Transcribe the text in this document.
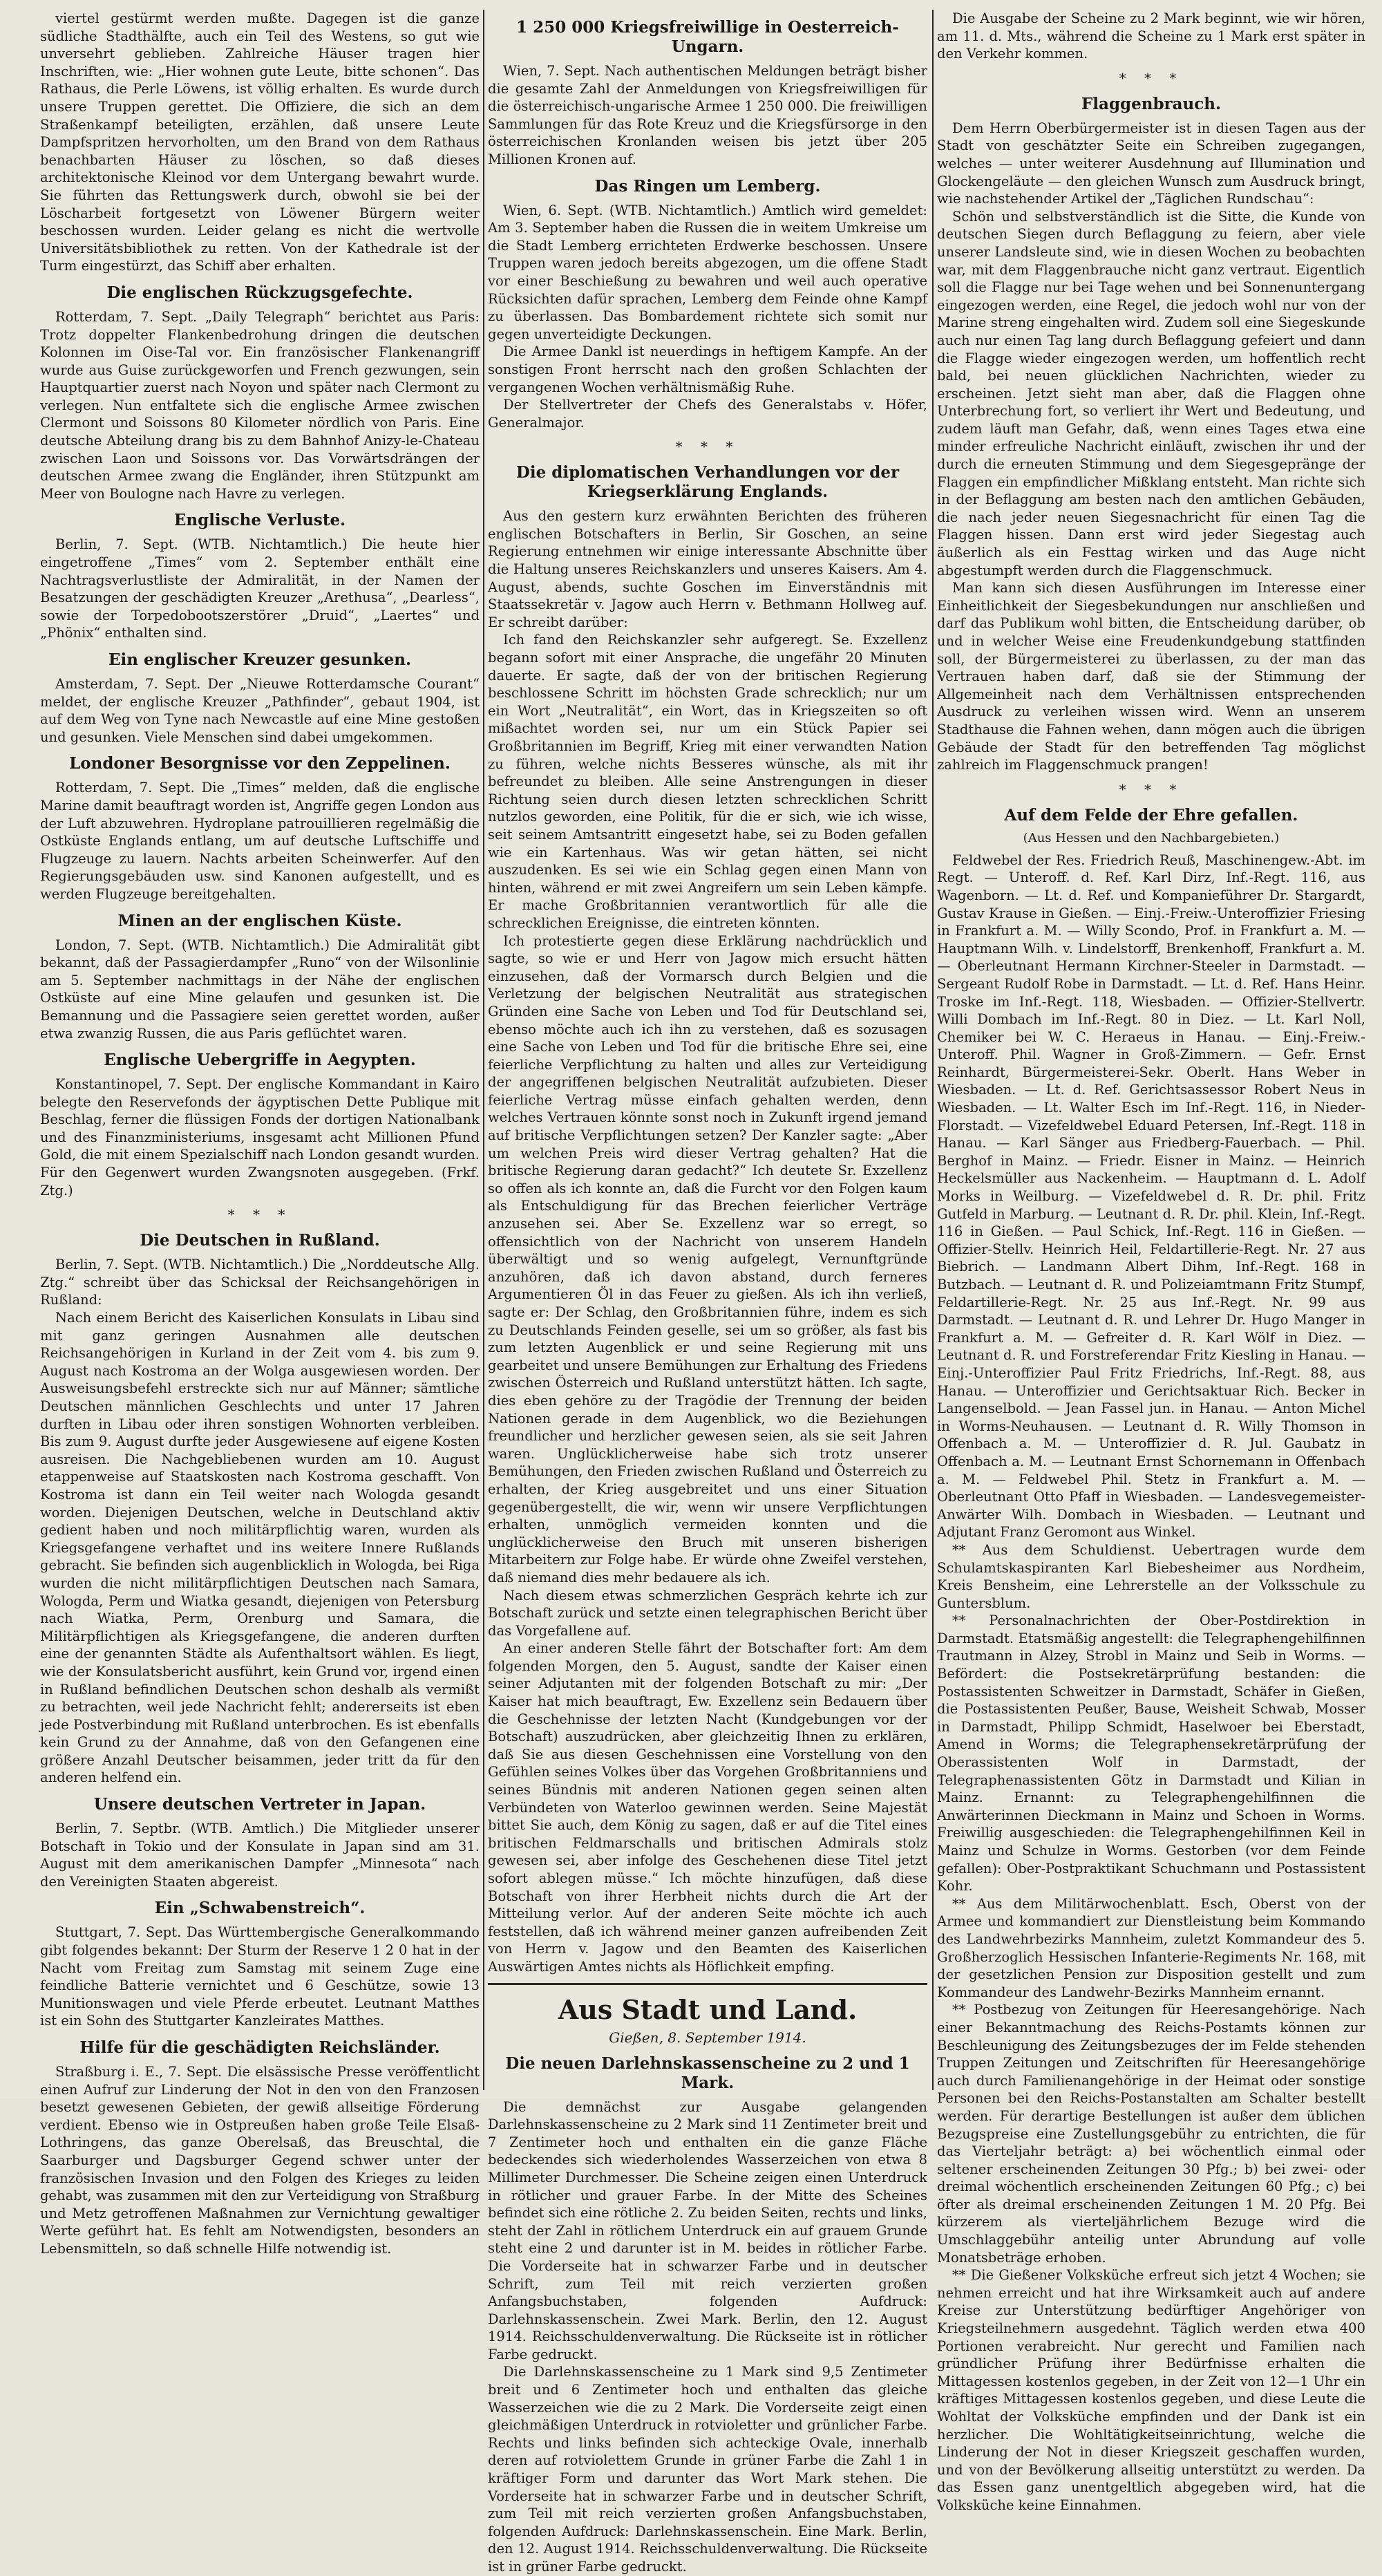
viertel gestürmt werden mußte. Dagegen ist die ganze südliche Stadthälfte, auch ein Teil des Westens, so gut wie unversehrt geblieben. Zahlreiche Häuser tragen hier Inschriften, wie: „Hier wohnen gute Leute, bitte schonen“. Das Rathaus, die Perle Löwens, ist völlig erhalten. Es wurde durch unsere Truppen gerettet. Die Offiziere, die sich an dem Straßenkampf beteiligten, erzählen, daß unsere Leute Dampfspritzen hervorholten, um den Brand von dem Rathaus benachbarten Häuser zu löschen, so daß dieses architektonische Kleinod vor dem Untergang bewahrt wurde. Sie führten das Rettungswerk durch, obwohl sie bei der Löscharbeit fortgesetzt von Löwener Bürgern weiter beschossen wurden. Leider gelang es nicht die wertvolle Universitätsbibliothek zu retten. Von der Kathedrale ist der Turm eingestürzt, das Schiff aber erhalten.

Die englischen Rückzugsgefechte.

Rotterdam, 7. Sept. „Daily Telegraph“ berichtet aus Paris: Trotz doppelter Flankenbedrohung dringen die deutschen Kolonnen im Oise-Tal vor. Ein französischer Flankenangriff wurde aus Guise zurückgeworfen und French gezwungen, sein Hauptquartier zuerst nach Noyon und später nach Clermont zu verlegen. Nun entfaltete sich die englische Armee zwischen Clermont und Soissons 80 Kilometer nördlich von Paris. Eine deutsche Abteilung drang bis zu dem Bahnhof Anizy-le-Chateau zwischen Laon und Soissons vor. Das Vorwärtsdrängen der deutschen Armee zwang die Engländer, ihren Stützpunkt am Meer von Boulogne nach Havre zu verlegen.

Englische Verluste.

Berlin, 7. Sept. (WTB. Nichtamtlich.) Die heute hier eingetroffene „Times“ vom 2. September enthält eine Nachtragsverlustliste der Admiralität, in der Namen der Besatzungen der geschädigten Kreuzer „Arethusa“, „Dearless“, sowie der Torpedobootszerstörer „Druid“, „Laertes“ und „Phönix“ enthalten sind.

Ein englischer Kreuzer gesunken.

Amsterdam, 7. Sept. Der „Nieuwe Rotterdamsche Courant“ meldet, der englische Kreuzer „Pathfinder“, gebaut 1904, ist auf dem Weg von Tyne nach Newcastle auf eine Mine gestoßen und gesunken. Viele Menschen sind dabei umgekommen.

Londoner Besorgnisse vor den Zeppelinen.

Rotterdam, 7. Sept. Die „Times“ melden, daß die englische Marine damit beauftragt worden ist, Angriffe gegen London aus der Luft abzuwehren. Hydroplane patrouillieren regelmäßig die Ostküste Englands entlang, um auf deutsche Luftschiffe und Flugzeuge zu lauern. Nachts arbeiten Scheinwerfer. Auf den Regierungsgebäuden usw. sind Kanonen aufgestellt, und es werden Flugzeuge bereitgehalten.

Minen an der englischen Küste.

London, 7. Sept. (WTB. Nichtamtlich.) Die Admiralität gibt bekannt, daß der Passagierdampfer „Runo“ von der Wilsonlinie am 5. September nachmittags in der Nähe der englischen Ostküste auf eine Mine gelaufen und gesunken ist. Die Bemannung und die Passagiere seien gerettet worden, außer etwa zwanzig Russen, die aus Paris geflüchtet waren.

Englische Uebergriffe in Aegypten.

Konstantinopel, 7. Sept. Der englische Kommandant in Kairo belegte den Reservefonds der ägyptischen Dette Publique mit Beschlag, ferner die flüssigen Fonds der dortigen Nationalbank und des Finanzministeriums, insgesamt acht Millionen Pfund Gold, die mit einem Spezialschiff nach London gesandt wurden. Für den Gegenwert wurden Zwangsnoten ausgegeben. (Frkf. Ztg.)

* * *
Die Deutschen in Rußland.

Berlin, 7. Sept. (WTB. Nichtamtlich.) Die „Norddeutsche Allg. Ztg.“ schreibt über das Schicksal der Reichsangehörigen in Rußland:

Nach einem Bericht des Kaiserlichen Konsulats in Libau sind mit ganz geringen Ausnahmen alle deutschen Reichsangehörigen in Kurland in der Zeit vom 4. bis zum 9. August nach Kostroma an der Wolga ausgewiesen worden. Der Ausweisungsbefehl erstreckte sich nur auf Männer; sämtliche Deutschen männlichen Geschlechts und unter 17 Jahren durften in Libau oder ihren sonstigen Wohnorten verbleiben. Bis zum 9. August durfte jeder Ausgewiesene auf eigene Kosten ausreisen. Die Nachgebliebenen wurden am 10. August etappenweise auf Staatskosten nach Kostroma geschafft. Von Kostroma ist dann ein Teil weiter nach Wologda gesandt worden. Diejenigen Deutschen, welche in Deutschland aktiv gedient haben und noch militärpflichtig waren, wurden als Kriegsgefangene verhaftet und ins weitere Innere Rußlands gebracht. Sie befinden sich augenblicklich in Wologda, bei Riga wurden die nicht militärpflichtigen Deutschen nach Samara, Wologda, Perm und Wiatka gesandt, diejenigen von Petersburg nach Wiatka, Perm, Orenburg und Samara, die Militärpflichtigen als Kriegsgefangene, die anderen durften eine der genannten Städte als Aufenthaltsort wählen. Es liegt, wie der Konsulatsbericht ausführt, kein Grund vor, irgend einen in Rußland befindlichen Deutschen schon deshalb als vermißt zu betrachten, weil jede Nachricht fehlt; andererseits ist eben jede Postverbindung mit Rußland unterbrochen. Es ist ebenfalls kein Grund zu der Annahme, daß von den Gefangenen eine größere Anzahl Deutscher beisammen, jeder tritt da für den anderen helfend ein.

Unsere deutschen Vertreter in Japan.

Berlin, 7. Septbr. (WTB. Amtlich.) Die Mitglieder unserer Botschaft in Tokio und der Konsulate in Japan sind am 31. August mit dem amerikanischen Dampfer „Minnesota“ nach den Vereinigten Staaten abgereist.

Ein „Schwabenstreich“.

Stuttgart, 7. Sept. Das Württembergische Generalkommando gibt folgendes bekannt: Der Sturm der Reserve 1 2 0 hat in der Nacht vom Freitag zum Samstag mit seinem Zuge eine feindliche Batterie vernichtet und 6 Geschütze, sowie 13 Munitionswagen und viele Pferde erbeutet. Leutnant Matthes ist ein Sohn des Stuttgarter Kanzleirates Matthes.

Hilfe für die geschädigten Reichsländer.

Straßburg i. E., 7. Sept. Die elsässische Presse veröffentlicht einen Aufruf zur Linderung der Not in den von den Franzosen besetzt gewesenen Gebieten, der gewiß allseitige Förderung verdient. Ebenso wie in Ostpreußen haben große Teile Elsaß-Lothringens, das ganze Oberelsaß, das Breuschtal, die Saarburger und Dagsburger Gegend schwer unter der französischen Invasion und den Folgen des Krieges zu leiden gehabt, was zusammen mit den zur Verteidigung von Straßburg und Metz getroffenen Maßnahmen zur Vernichtung gewaltiger Werte geführt hat. Es fehlt am Notwendigsten, besonders an Lebensmitteln, so daß schnelle Hilfe notwendig ist.

1 250 000 Kriegsfreiwillige in Oesterreich-Ungarn.

Wien, 7. Sept. Nach authentischen Meldungen beträgt bisher die gesamte Zahl der Anmeldungen von Kriegsfreiwilligen für die österreichisch-ungarische Armee 1 250 000. Die freiwilligen Sammlungen für das Rote Kreuz und die Kriegsfürsorge in den österreichischen Kronlanden weisen bis jetzt über 205 Millionen Kronen auf.

Das Ringen um Lemberg.

Wien, 6. Sept. (WTB. Nichtamtlich.) Amtlich wird gemeldet: Am 3. September haben die Russen die in weitem Umkreise um die Stadt Lemberg errichteten Erdwerke beschossen. Unsere Truppen waren jedoch bereits abgezogen, um die offene Stadt vor einer Beschießung zu bewahren und weil auch operative Rücksichten dafür sprachen, Lemberg dem Feinde ohne Kampf zu überlassen. Das Bombardement richtete sich somit nur gegen unverteidigte Deckungen.

Die Armee Dankl ist neuerdings in heftigem Kampfe. An der sonstigen Front herrscht nach den großen Schlachten der vergangenen Wochen verhältnismäßig Ruhe.

Der Stellvertreter der Chefs des Generalstabs v. Höfer, Generalmajor.

* * *
Die diplomatischen Verhandlungen vor der Kriegserklärung Englands.

Aus den gestern kurz erwähnten Berichten des früheren englischen Botschafters in Berlin, Sir Goschen, an seine Regierung entnehmen wir einige interessante Abschnitte über die Haltung unseres Reichskanzlers und unseres Kaisers. Am 4. August, abends, suchte Goschen im Einverständnis mit Staatssekretär v. Jagow auch Herrn v. Bethmann Hollweg auf. Er schreibt darüber:

Ich fand den Reichskanzler sehr aufgeregt. Se. Exzellenz begann sofort mit einer Ansprache, die ungefähr 20 Minuten dauerte. Er sagte, daß der von der britischen Regierung beschlossene Schritt im höchsten Grade schrecklich; nur um ein Wort „Neutralität“, ein Wort, das in Kriegszeiten so oft mißachtet worden sei, nur um ein Stück Papier sei Großbritannien im Begriff, Krieg mit einer verwandten Nation zu führen, welche nichts Besseres wünsche, als mit ihr befreundet zu bleiben. Alle seine Anstrengungen in dieser Richtung seien durch diesen letzten schrecklichen Schritt nutzlos geworden, eine Politik, für die er sich, wie ich wisse, seit seinem Amtsantritt eingesetzt habe, sei zu Boden gefallen wie ein Kartenhaus. Was wir getan hätten, sei nicht auszudenken. Es sei wie ein Schlag gegen einen Mann von hinten, während er mit zwei Angreifern um sein Leben kämpfe. Er mache Großbritannien verantwortlich für alle die schrecklichen Ereignisse, die eintreten könnten.

Ich protestierte gegen diese Erklärung nachdrücklich und sagte, so wie er und Herr von Jagow mich ersucht hätten einzusehen, daß der Vormarsch durch Belgien und die Verletzung der belgischen Neutralität aus strategischen Gründen eine Sache von Leben und Tod für Deutschland sei, ebenso möchte auch ich ihn zu verstehen, daß es sozusagen eine Sache von Leben und Tod für die britische Ehre sei, eine feierliche Verpflichtung zu halten und alles zur Verteidigung der angegriffenen belgischen Neutralität aufzubieten. Dieser feierliche Vertrag müsse einfach gehalten werden, denn welches Vertrauen könnte sonst noch in Zukunft irgend jemand auf britische Verpflichtungen setzen? Der Kanzler sagte: „Aber um welchen Preis wird dieser Vertrag gehalten? Hat die britische Regierung daran gedacht?“ Ich deutete Sr. Exzellenz so offen als ich konnte an, daß die Furcht vor den Folgen kaum als Entschuldigung für das Brechen feierlicher Verträge anzusehen sei. Aber Se. Exzellenz war so erregt, so offensichtlich von der Nachricht von unserem Handeln überwältigt und so wenig aufgelegt, Vernunftgründe anzuhören, daß ich davon abstand, durch ferneres Argumentieren Öl in das Feuer zu gießen. Als ich ihn verließ, sagte er: Der Schlag, den Großbritannien führe, indem es sich zu Deutschlands Feinden geselle, sei um so größer, als fast bis zum letzten Augenblick er und seine Regierung mit uns gearbeitet und unsere Bemühungen zur Erhaltung des Friedens zwischen Österreich und Rußland unterstützt hätten. Ich sagte, dies eben gehöre zu der Tragödie der Trennung der beiden Nationen gerade in dem Augenblick, wo die Beziehungen freundlicher und herzlicher gewesen seien, als sie seit Jahren waren. Unglücklicherweise habe sich trotz unserer Bemühungen, den Frieden zwischen Rußland und Österreich zu erhalten, der Krieg ausgebreitet und uns einer Situation gegenübergestellt, die wir, wenn wir unsere Verpflichtungen erhalten, unmöglich vermeiden konnten und die unglücklicherweise den Bruch mit unseren bisherigen Mitarbeitern zur Folge habe. Er würde ohne Zweifel verstehen, daß niemand dies mehr bedauere als ich.

Nach diesem etwas schmerzlichen Gespräch kehrte ich zur Botschaft zurück und setzte einen telegraphischen Bericht über das Vorgefallene auf.

An einer anderen Stelle fährt der Botschafter fort: Am dem folgenden Morgen, den 5. August, sandte der Kaiser einen seiner Adjutanten mit der folgenden Botschaft zu mir: „Der Kaiser hat mich beauftragt, Ew. Exzellenz sein Bedauern über die Geschehnisse der letzten Nacht (Kundgebungen vor der Botschaft) auszudrücken, aber gleichzeitig Ihnen zu erklären, daß Sie aus diesen Geschehnissen eine Vorstellung von den Gefühlen seines Volkes über das Vorgehen Großbritanniens und seines Bündnis mit anderen Nationen gegen seinen alten Verbündeten von Waterloo gewinnen werden. Seine Majestät bittet Sie auch, dem König zu sagen, daß er auf die Titel eines britischen Feldmarschalls und britischen Admirals stolz gewesen sei, aber infolge des Geschehenen diese Titel jetzt sofort ablegen müsse.“ Ich möchte hinzufügen, daß diese Botschaft von ihrer Herbheit nichts durch die Art der Mitteilung verlor. Auf der anderen Seite möchte ich auch feststellen, daß ich während meiner ganzen aufreibenden Zeit von Herrn v. Jagow und den Beamten des Kaiserlichen Auswärtigen Amtes nichts als Höflichkeit empfing.

Aus Stadt und Land.
Gießen, 8. September 1914.
Die neuen Darlehnskassenscheine zu 2 und 1 Mark.

Die demnächst zur Ausgabe gelangenden Darlehnskassenscheine zu 2 Mark sind 11 Zentimeter breit und 7 Zentimeter hoch und enthalten ein die ganze Fläche bedeckendes sich wiederholendes Wasserzeichen von etwa 8 Millimeter Durchmesser. Die Scheine zeigen einen Unterdruck in rötlicher und grauer Farbe. In der Mitte des Scheines befindet sich eine rötliche 2. Zu beiden Seiten, rechts und links, steht der Zahl in rötlichem Unterdruck ein auf grauem Grunde steht eine 2 und darunter ist in M. beides in rötlicher Farbe. Die Vorderseite hat in schwarzer Farbe und in deutscher Schrift, zum Teil mit reich verzierten großen Anfangsbuchstaben, folgenden Aufdruck: Darlehnskassenschein. Zwei Mark. Berlin, den 12. August 1914. Reichsschuldenverwaltung. Die Rückseite ist in rötlicher Farbe gedruckt.

Die Darlehnskassenscheine zu 1 Mark sind 9,5 Zentimeter breit und 6 Zentimeter hoch und enthalten das gleiche Wasserzeichen wie die zu 2 Mark. Die Vorderseite zeigt einen gleichmäßigen Unterdruck in rotvioletter und grünlicher Farbe. Rechts und links befinden sich achteckige Ovale, innerhalb deren auf rotviolettem Grunde in grüner Farbe die Zahl 1 in kräftiger Form und darunter das Wort Mark stehen. Die Vorderseite hat in schwarzer Farbe und in deutscher Schrift, zum Teil mit reich verzierten großen Anfangsbuchstaben, folgenden Aufdruck: Darlehnskassenschein. Eine Mark. Berlin, den 12. August 1914. Reichsschuldenverwaltung. Die Rückseite ist in grüner Farbe gedruckt.

Die Ausgabe der Scheine zu 2 Mark beginnt, wie wir hören, am 11. d. Mts., während die Scheine zu 1 Mark erst später in den Verkehr kommen.

* * *
Flaggenbrauch.

Dem Herrn Oberbürgermeister ist in diesen Tagen aus der Stadt von geschätzter Seite ein Schreiben zugegangen, welches — unter weiterer Ausdehnung auf Illumination und Glockengeläute — den gleichen Wunsch zum Ausdruck bringt, wie nachstehender Artikel der „Täglichen Rundschau“:

Schön und selbstverständlich ist die Sitte, die Kunde von deutschen Siegen durch Beflaggung zu feiern, aber viele unserer Landsleute sind, wie in diesen Wochen zu beobachten war, mit dem Flaggenbrauche nicht ganz vertraut. Eigentlich soll die Flagge nur bei Tage wehen und bei Sonnenuntergang eingezogen werden, eine Regel, die jedoch wohl nur von der Marine streng eingehalten wird. Zudem soll eine Siegeskunde auch nur einen Tag lang durch Beflaggung gefeiert und dann die Flagge wieder eingezogen werden, um hoffentlich recht bald, bei neuen glücklichen Nachrichten, wieder zu erscheinen. Jetzt sieht man aber, daß die Flaggen ohne Unterbrechung fort, so verliert ihr Wert und Bedeutung, und zudem läuft man Gefahr, daß, wenn eines Tages etwa eine minder erfreuliche Nachricht einläuft, zwischen ihr und der durch die erneuten Stimmung und dem Siegesgepränge der Flaggen ein empfindlicher Mißklang entsteht. Man richte sich in der Beflaggung am besten nach den amtlichen Gebäuden, die nach jeder neuen Siegesnachricht für einen Tag die Flaggen hissen. Dann erst wird jeder Siegestag auch äußerlich als ein Festtag wirken und das Auge nicht abgestumpft werden durch die Flaggenschmuck.

Man kann sich diesen Ausführungen im Interesse einer Einheitlichkeit der Siegesbekundungen nur anschließen und darf das Publikum wohl bitten, die Entscheidung darüber, ob und in welcher Weise eine Freudenkundgebung stattfinden soll, der Bürgermeisterei zu überlassen, zu der man das Vertrauen haben darf, daß sie der Stimmung der Allgemeinheit nach dem Verhältnissen entsprechenden Ausdruck zu verleihen wissen wird. Wenn an unserem Stadthause die Fahnen wehen, dann mögen auch die übrigen Gebäude der Stadt für den betreffenden Tag möglichst zahlreich im Flaggenschmuck prangen!

* * *
Auf dem Felde der Ehre gefallen.
(Aus Hessen und den Nachbargebieten.)

Feldwebel der Res. Friedrich Reuß, Maschinengew.-Abt. im Regt. — Unteroff. d. Ref. Karl Dirz, Inf.-Regt. 116, aus Wagenborn. — Lt. d. Ref. und Kompanieführer Dr. Stargardt, Gustav Krause in Gießen. — Einj.-Freiw.-Unteroffizier Friesing in Frankfurt a. M. — Willy Scondo, Prof. in Frankfurt a. M. — Hauptmann Wilh. v. Lindelstorff, Brenkenhoff, Frankfurt a. M. — Oberleutnant Hermann Kirchner-Steeler in Darmstadt. — Sergeant Rudolf Robe in Darmstadt. — Lt. d. Ref. Hans Heinr. Troske im Inf.-Regt. 118, Wiesbaden. — Offizier-Stellvertr. Willi Dombach im Inf.-Regt. 80 in Diez. — Lt. Karl Noll, Chemiker bei W. C. Heraeus in Hanau. — Einj.-Freiw.-Unteroff. Phil. Wagner in Groß-Zimmern. — Gefr. Ernst Reinhardt, Bürgermeisterei-Sekr. Oberlt. Hans Weber in Wiesbaden. — Lt. d. Ref. Gerichtsassessor Robert Neus in Wiesbaden. — Lt. Walter Esch im Inf.-Regt. 116, in Nieder-Florstadt. — Vizefeldwebel Eduard Petersen, Inf.-Regt. 118 in Hanau. — Karl Sänger aus Friedberg-Fauerbach. — Phil. Berghof in Mainz. — Friedr. Eisner in Mainz. — Heinrich Heckelsmüller aus Nackenheim. — Hauptmann d. L. Adolf Morks in Weilburg. — Vizefeldwebel d. R. Dr. phil. Fritz Gutfeld in Marburg. — Leutnant d. R. Dr. phil. Klein, Inf.-Regt. 116 in Gießen. — Paul Schick, Inf.-Regt. 116 in Gießen. — Offizier-Stellv. Heinrich Heil, Feldartillerie-Regt. Nr. 27 aus Biebrich. — Landmann Albert Dihm, Inf.-Regt. 168 in Butzbach. — Leutnant d. R. und Polizeiamtmann Fritz Stumpf, Feldartillerie-Regt. Nr. 25 aus Inf.-Regt. Nr. 99 aus Darmstadt. — Leutnant d. R. und Lehrer Dr. Hugo Manger in Frankfurt a. M. — Gefreiter d. R. Karl Wölf in Diez. — Leutnant d. R. und Forstreferendar Fritz Kiesling in Hanau. — Einj.-Unteroffizier Paul Fritz Friedrichs, Inf.-Regt. 88, aus Hanau. — Unteroffizier und Gerichtsaktuar Rich. Becker in Langenselbold. — Jean Fassel jun. in Hanau. — Anton Michel in Worms-Neuhausen. — Leutnant d. R. Willy Thomson in Offenbach a. M. — Unteroffizier d. R. Jul. Gaubatz in Offenbach a. M. — Leutnant Ernst Schornemann in Offenbach a. M. — Feldwebel Phil. Stetz in Frankfurt a. M. — Oberleutnant Otto Pfaff in Wiesbaden. — Landesvegemeister-Anwärter Wilh. Dombach in Wiesbaden. — Leutnant und Adjutant Franz Geromont aus Winkel.

** Aus dem Schuldienst. Uebertragen wurde dem Schulamtskaspiranten Karl Biebesheimer aus Nordheim, Kreis Bensheim, eine Lehrerstelle an der Volksschule zu Guntersblum.

** Personalnachrichten der Ober-Postdirektion in Darmstadt. Etatsmäßig angestellt: die Telegraphengehilfinnen Trautmann in Alzey, Strobl in Mainz und Seib in Worms. — Befördert: die Postsekretärprüfung bestanden: die Postassistenten Schweitzer in Darmstadt, Schäfer in Gießen, die Postassistenten Peußer, Bause, Weisheit Schwab, Mosser in Darmstadt, Philipp Schmidt, Haselwoer bei Eberstadt, Amend in Worms; die Telegraphensekretärprüfung der Oberassistenten Wolf in Darmstadt, der Telegraphenassistenten Götz in Darmstadt und Kilian in Mainz. Ernannt: zu Telegraphengehilfinnen die Anwärterinnen Dieckmann in Mainz und Schoen in Worms. Freiwillig ausgeschieden: die Telegraphengehilfinnen Keil in Mainz und Schulze in Worms. Gestorben (vor dem Feinde gefallen): Ober-Postpraktikant Schuchmann und Postassistent Kohr.

** Aus dem Militärwochenblatt. Esch, Oberst von der Armee und kommandiert zur Dienstleistung beim Kommando des Landwehrbezirks Mannheim, zuletzt Kommandeur des 5. Großherzoglich Hessischen Infanterie-Regiments Nr. 168, mit der gesetzlichen Pension zur Disposition gestellt und zum Kommandeur des Landwehr-Bezirks Mannheim ernannt.

** Postbezug von Zeitungen für Heeresangehörige. Nach einer Bekanntmachung des Reichs-Postamts können zur Beschleunigung des Zeitungsbezuges der im Felde stehenden Truppen Zeitungen und Zeitschriften für Heeresangehörige auch durch Familienangehörige in der Heimat oder sonstige Personen bei den Reichs-Postanstalten am Schalter bestellt werden. Für derartige Bestellungen ist außer dem üblichen Bezugspreise eine Zustellungsgebühr zu entrichten, die für das Vierteljahr beträgt: a) bei wöchentlich einmal oder seltener erscheinenden Zeitungen 30 Pfg.; b) bei zwei- oder dreimal wöchentlich erscheinenden Zeitungen 60 Pfg.; c) bei öfter als dreimal erscheinenden Zeitungen 1 M. 20 Pfg. Bei kürzerem als vierteljährlichem Bezuge wird die Umschlaggebühr anteilig unter Abrundung auf volle Monatsbeträge erhoben.

** Die Gießener Volksküche erfreut sich jetzt 4 Wochen; sie nehmen erreicht und hat ihre Wirksamkeit auch auf andere Kreise zur Unterstützung bedürftiger Angehöriger von Kriegsteilnehmern ausgedehnt. Täglich werden etwa 400 Portionen verabreicht. Nur gerecht und Familien nach gründlicher Prüfung ihrer Bedürfnisse erhalten die Mittagessen kostenlos gegeben, in der Zeit von 12—1 Uhr ein kräftiges Mittagessen kostenlos gegeben, und diese Leute die Wohltat der Volksküche empfinden und der Dank ist ein herzlicher. Die Wohltätigkeitseinrichtung, welche die Linderung der Not in dieser Kriegszeit geschaffen wurden, und von der Bevölkerung allseitig unterstützt zu werden. Da das Essen ganz unentgeltlich abgegeben wird, hat die Volksküche keine Einnahmen.
